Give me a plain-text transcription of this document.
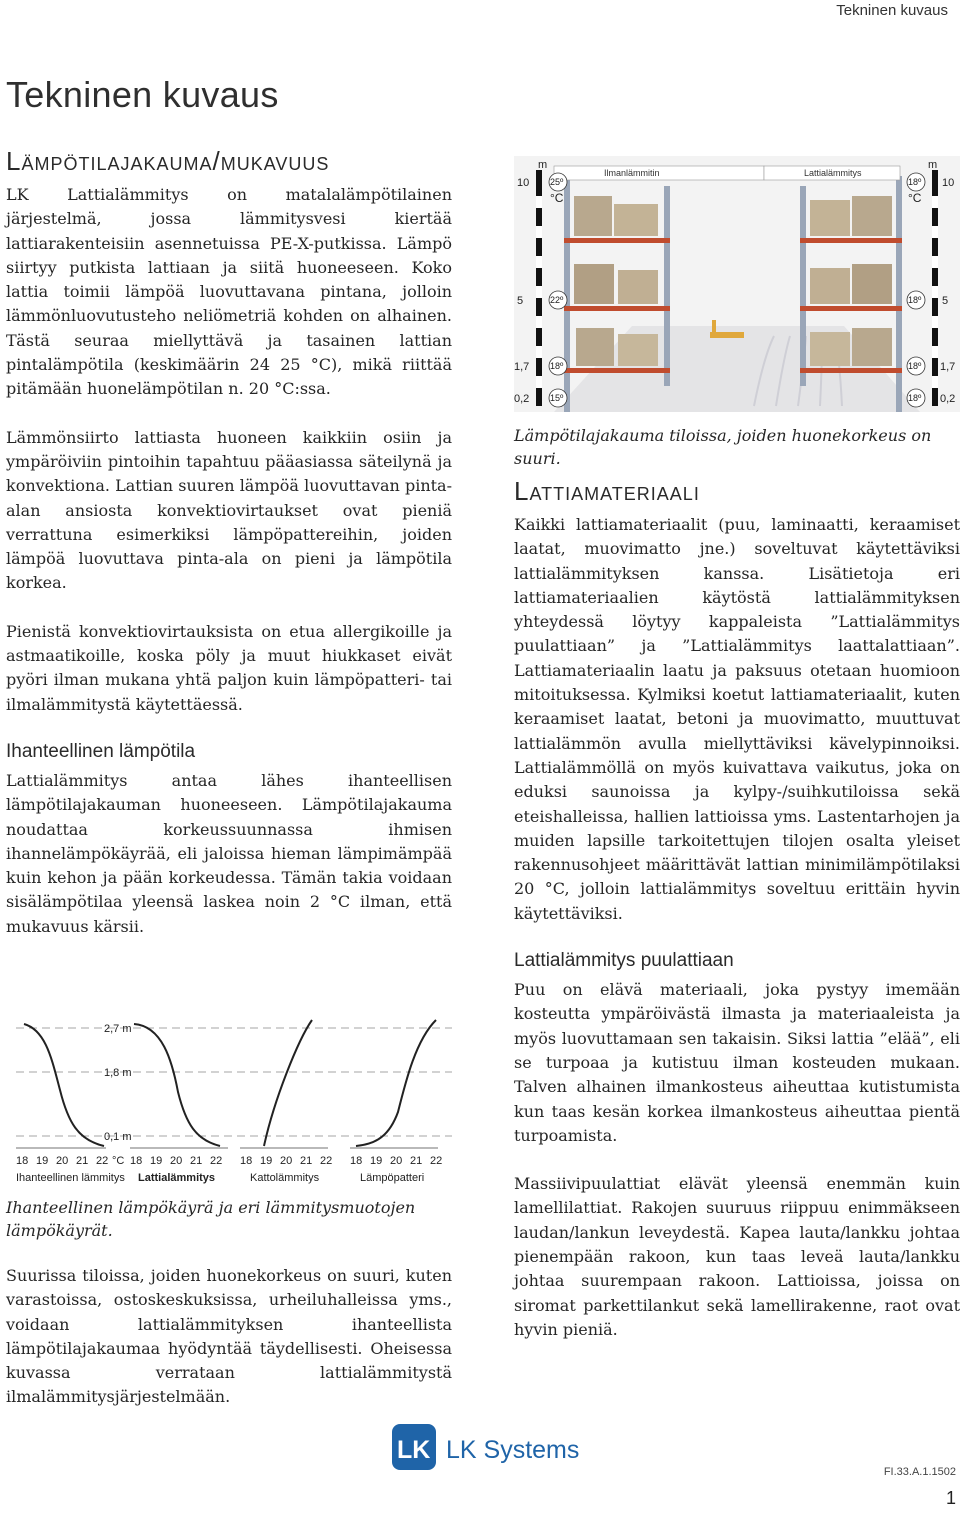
Tekninen kuvaus
Tekninen kuvaus
Lämpötilajakauma/mukavuus

LK Lattialämmitys on matalalämpötilainen järjestelmä, jossa lämmitysvesi kiertää lattiarakenteisiin asennetuissa PE-X-putkissa. Lämpö siirtyy putkista lattiaan ja siitä huoneeseen. Koko lattia toimii lämpöä luovuttavana pintana, jolloin lämmönluovutusteho neliömetriä kohden on alhainen. Tästä seuraa miellyttävä ja tasainen lattian pintalämpötila (keskimäärin 24 25 °C), mikä riittää pitämään huonelämpötilan n. 20 °C:ssa.

Lämmönsiirto lattiasta huoneen kaikkiin osiin ja ympäröiviin pintoihin tapahtuu pääasiassa säteilynä ja konvektiona. Lattian suuren lämpöä luovuttavan pinta-alan ansiosta konvektiovirtaukset ovat pieniä verrattuna esimerkiksi lämpöpattereihin, joiden lämpöä luovuttava pinta-ala on pieni ja lämpötila korkea.

Pienistä konvektiovirtauksista on etua allergikoille ja astmaatikoille, koska pöly ja muut hiukkaset eivät pyöri ilman mukana yhtä paljon kuin lämpöpatteri- tai ilmalämmitystä käytettäessä.

Ihanteellinen lämpötila

Lattialämmitys antaa lähes ihanteellisen lämpötilajakauman huoneeseen. Lämpötilajakauma noudattaa korkeussuunnassa ihmisen ihannelämpökäyrää, eli jaloissa hieman lämpimämpää kuin kehon ja pään korkeudessa. Tämän takia voidaan sisälämpötilaa yleensä laskea noin 2 °C ilman, että mukavuus kärsii.

Ilmanlämmitin	Lattialämmitys
m	m
10
5
1,7
0,2
10
5
1,7
0,2
25º
22º
18º
15º
18º
18º
18º
18º
°C	°C

Lämpötilajakauma tiloissa, joiden huonekorkeus on suuri.

Lattiamateriaali

Kaikki lattiamateriaalit (puu, laminaatti, keraamiset laatat, muovimatto jne.) soveltuvat käytettäviksi lattialämmityksen kanssa. Lisätietoja eri lattiamateriaalien käytöstä lattialämmityksen yhteydessä löytyy kappaleista ”Lattialämmitys puulattiaan” ja ”Lattialämmitys laattalattiaan”. Lattiamateriaalin laatu ja paksuus otetaan huomioon mitoituksessa. Kylmiksi koetut lattiamateriaalit, kuten keraamiset laatat, betoni ja muovimatto, muuttuvat lattialämmön avulla miellyttäviksi kävelypinnoiksi. Lattialämmöllä on myös kuivattava vaikutus, joka on eduksi saunoissa ja kylpy-/suihkutiloissa sekä eteishalleissa, hallien lattioissa yms. Lastentarhojen ja muiden lapsille tarkoitettujen tilojen osalta yleiset rakennusohjeet määrittävät lattian minimilämpötilaksi 20 °C, jolloin lattialämmitys soveltuu erittäin hyvin käytettäviksi.

Lattialämmitys puulattiaan

Puu on elävä materiaali, joka pystyy imemään kosteutta ympäröivästä ilmasta ja materiaaleista ja myös luovuttamaan sen takaisin. Siksi lattia ”elää”, eli se turpoaa ja kutistuu ilman kosteuden mukaan. Talven alhainen ilmankosteus aiheuttaa kutistumista kun taas kesän korkea ilmankosteus aiheuttaa pientä turpoamista.

Massiivipuulattiat elävät yleensä enemmän kuin lamellilattiat. Rakojen suuruus riippuu enimmäkseen laudan/lankun leveydestä. Kapea lauta/lankku johtaa pienempään rakoon, kun taas leveä lauta/lankku johtaa suurempaan rakoon. Lattioissa, joissa on siromat parkettilankut sekä lamellirakenne, raot ovat hyvin pieniä.

2,7 m
1,8 m
0,1 m
18 19 20 21 22 °C 18 19 20 21 22 18 19 20 21 22 18 19 20 21 22
Ihanteellinen lämmitys Lattialämmitys	Kattolämmitys	Lämpöpatteri

Ihanteellinen lämpökäyrä ja eri lämmitysmuotojen lämpökäyrät.

Suurissa tiloissa, joiden huonekorkeus on suuri, kuten varastoissa, ostoskeskuksissa, urheiluhalleissa yms., voidaan lattialämmityksen ihanteellista lämpötilajakaumaa hyödyntää täydellisesti. Oheisessa kuvassa verrataan lattialämmitystä ilmalämmitysjärjestelmään.

LK LK Systems
FI.33.A.1.1502
1
